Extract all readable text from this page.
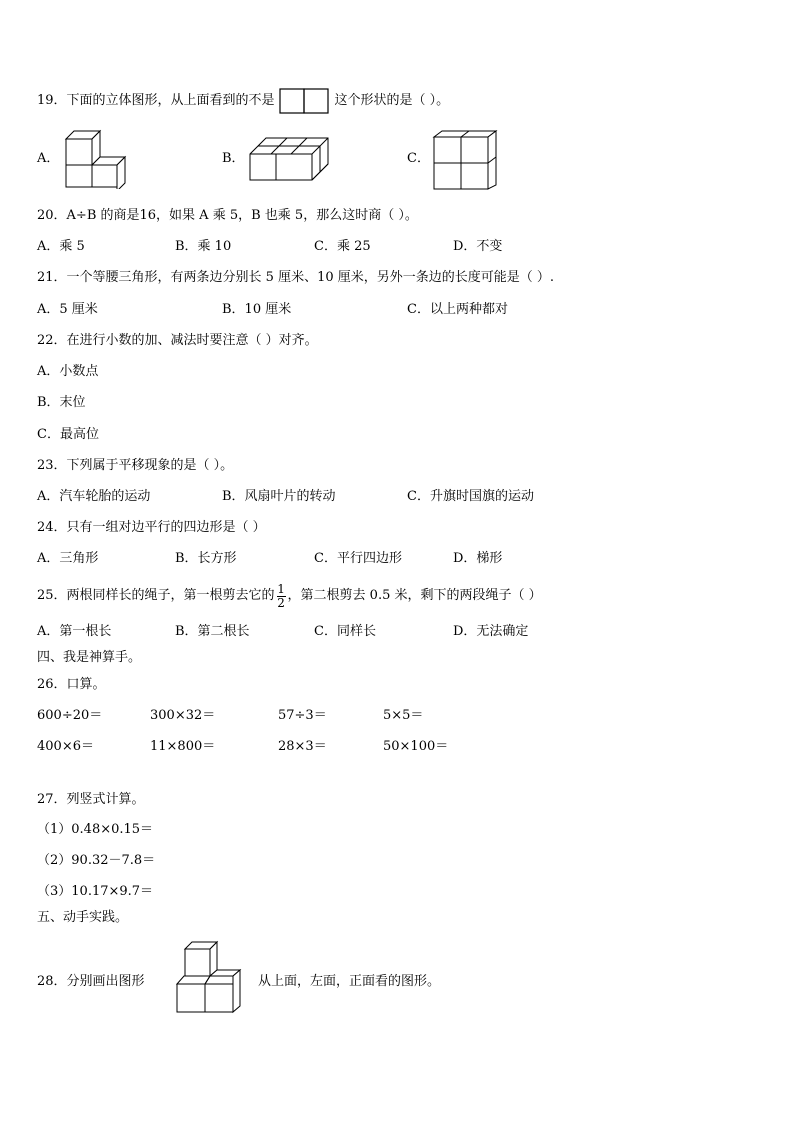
19．下面的立体图形，从上面看到的不是	这个形状的是（ ）。
A．	B．	C．
20．A÷B 的商是16，如果 A 乘 5，B 也乘 5，那么这时商（ ）。
A．乘 5	B．乘 10	C．乘 25	D．不变
21．一个等腰三角形，有两条边分别长 5 厘米、10 厘米，另外一条边的长度可能是（ ）.
A．5 厘米	B．10 厘米	C．以上两种都对
22．在进行小数的加、减法时要注意（ ）对齐。
A．小数点
B．末位
C．最高位
23．下列属于平移现象的是（ ）。
A．汽车轮胎的运动	B．风扇叶片的转动	C．升旗时国旗的运动
24．只有一组对边平行的四边形是（ ）
A．三角形	B．长方形	C．平行四边形	D．梯形
25．两根同样长的绳子，第一根剪去它的 $\frac{1}{2}$ ，第二根剪去 0.5 米，剩下的两段绳子（ ）
A．第一根长	B．第二根长	C．同样长	D．无法确定
四、我是神算手。
26．口算。
600÷20＝	300×32＝	57÷3＝	5×5＝
400×6＝	11×800＝	28×3＝	50×100＝
27．列竖式计算。
（1）0.48×0.15＝
（2）90.32－7.8＝
（3）10.17×9.7＝
五、动手实践。
28．分别画出图形	从上面，左面，正面看的图形。
